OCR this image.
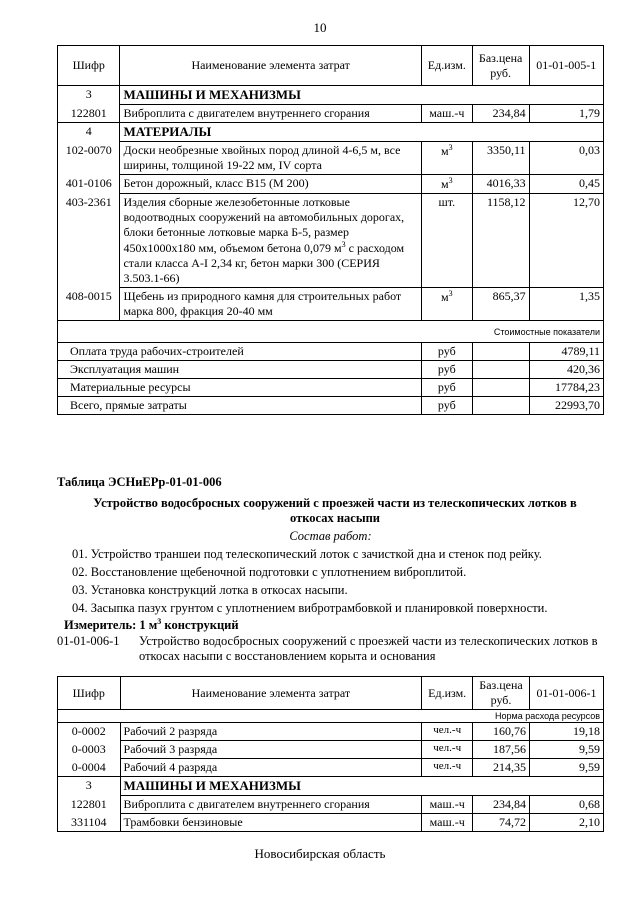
10
Шифр	Наименование элемента затрат	Ед.изм.	Баз.цена руб.	01-01-005-1
3	МАШИНЫ И МЕХАНИЗМЫ			
122801	Виброплита с двигателем внутреннего сгорания	маш.-ч	234,84	1,79
4	МАТЕРИАЛЫ			
102-0070	Доски необрезные хвойных пород длиной 4-6,5 м, все ширины, толщиной 19-22 мм, IV сорта	$м^3$	3350,11	0,03
401-0106	Бетон дорожный, класс В15 (М 200)	$м^3$	4016,33	0,45
403-2361	Изделия сборные железобетонные лотковые водоотводных сооружений на автомобильных дорогах, блоки бетонные лотковые марка Б-5, размер 450х1000х180 мм, объемом бетона 0,079 $м^3$ с расходом стали класса А-I 2,34 кг, бетон марки 300 (СЕРИЯ 3.503.1-66)	шт.	1158,12	12,70
408-0015	Щебень из природного камня для строительных работ марка 800, фракция 20-40 мм	$м^3$	865,37	1,35
Стоимостные показатели				
Оплата труда рабочих-строителей		руб		4789,11
Эксплуатация машин		руб		420,36
Материальные ресурсы		руб		17784,23
Всего, прямые затраты		руб		22993,70
Таблица ЭСНиЕРр-01-01-006
Устройство водосбросных сооружений с проезжей части из телескопических лотков в откосах насыпи
Состав работ:
01. Устройство траншеи под телескопический лоток с зачисткой дна и стенок под рейку.
02. Восстановление щебеночной подготовки с уплотнением виброплитой.
03. Установка конструкций лотка в откосах насыпи.
04. Засыпка пазух грунтом с уплотнением вибротрамбовкой и планировкой поверхности.
Измеритель: 1 $м^3$ конструкций
01-01-006-1 Устройство водосбросных сооружений с проезжей части из телескопических лотков в откосах насыпи с восстановлением корыта и основания
Шифр	Наименование элемента затрат	Ед.изм.	Баз.цена руб.	01-01-006-1
Норма расхода ресурсов				
0-0002	Рабочий 2 разряда	чел.-ч	160,76	19,18
0-0003	Рабочий 3 разряда	чел.-ч	187,56	9,59
0-0004	Рабочий 4 разряда	чел.-ч	214,35	9,59
3	МАШИНЫ И МЕХАНИЗМЫ			
122801	Виброплита с двигателем внутреннего сгорания	маш.-ч	234,84	0,68
331104	Трамбовки бензиновые	маш.-ч	74,72	2,10
Новосибирская область
